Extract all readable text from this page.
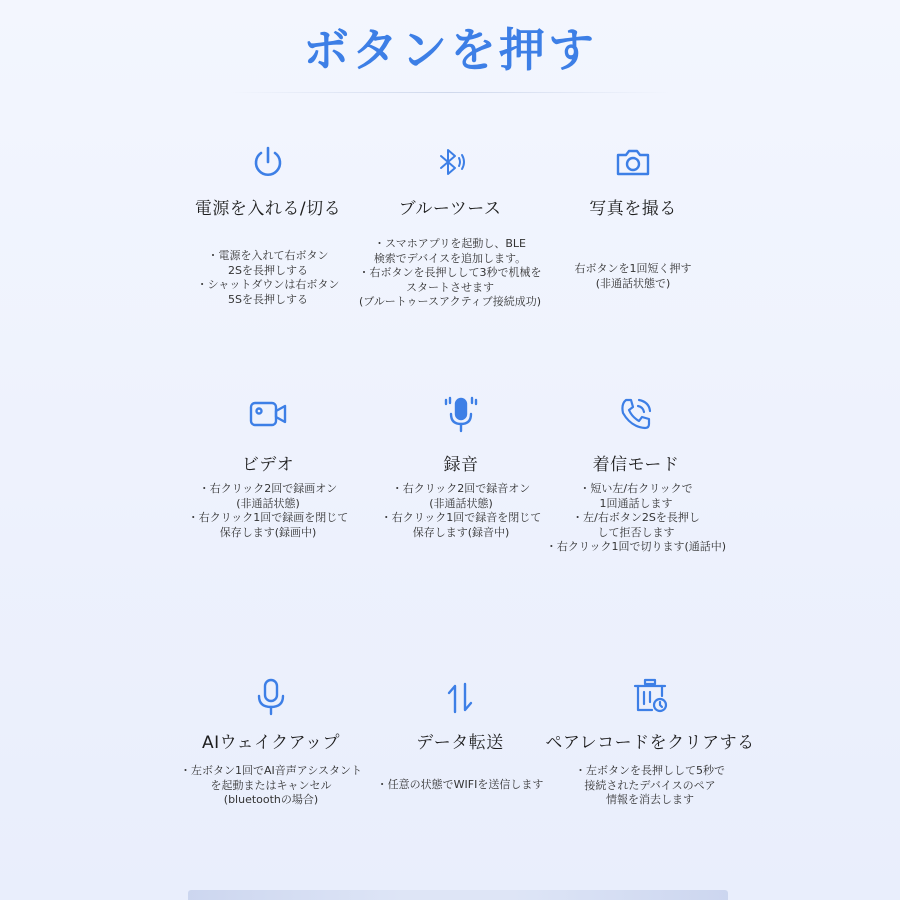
ボタンを押す
電源を入れる/切る
・電源を入れて右ボタン
2Sを長押しする
・シャットダウンは右ボタン
5Sを長押しする
ブルーツース
・スマホアプリを起動し、BLE
検索でデバイスを追加します。
・右ボタンを長押しして3秒で机械を
スタートさせます
(ブルートゥースアクティブ接続成功)
写真を撮る
右ボタンを1回短く押す
(非通話状態で)
ビデオ
・右クリック2回で録画オン
(非通話状態)
・右クリック1回で録画を閉じて
保存します(録画中)
録音
・右クリック2回で録音オン
(非通話状態)
・右クリック1回で録音を閉じて
保存します(録音中)
着信モード
・短い左/右クリックで
1回通話します
・左/右ボタン2Sを長押し
して拒否します
・右クリック1回で切ります(通話中)
AIウェイクアップ
・左ボタン1回でAI音声アシスタント
を起動またはキャンセル
(bluetoothの場合)
データ転送
・任意の状態でWIFIを送信します
ペアレコードをクリアする
・左ボタンを長押しして5秒で
接続されたデバイスのペア
情報を消去します
